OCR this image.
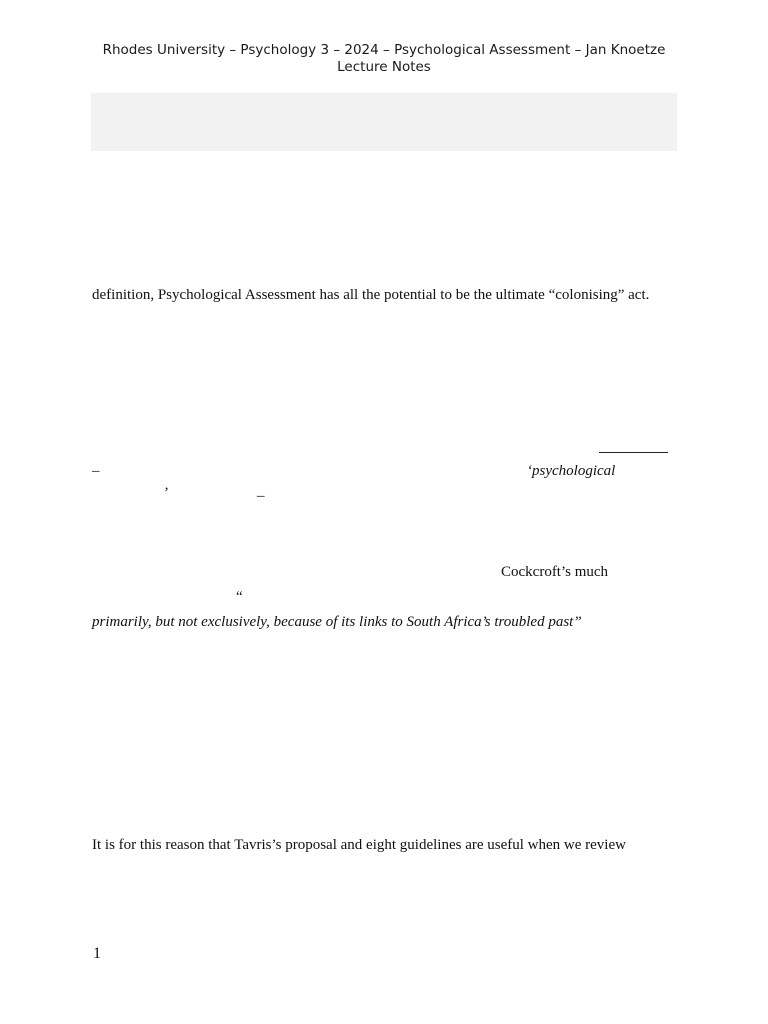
Rhodes University – Psychology 3 – 2024 – Psychological Assessment – Jan Knoetze
Lecture Notes
definition, Psychological Assessment has all the potential to be the ultimate “colonising” act.
–	‘psychological
’	–
Cockcroft’s much
“
primarily, but not exclusively, because of its links to South Africa’s troubled past”
It is for this reason that Tavris’s proposal and eight guidelines are useful when we review
1
